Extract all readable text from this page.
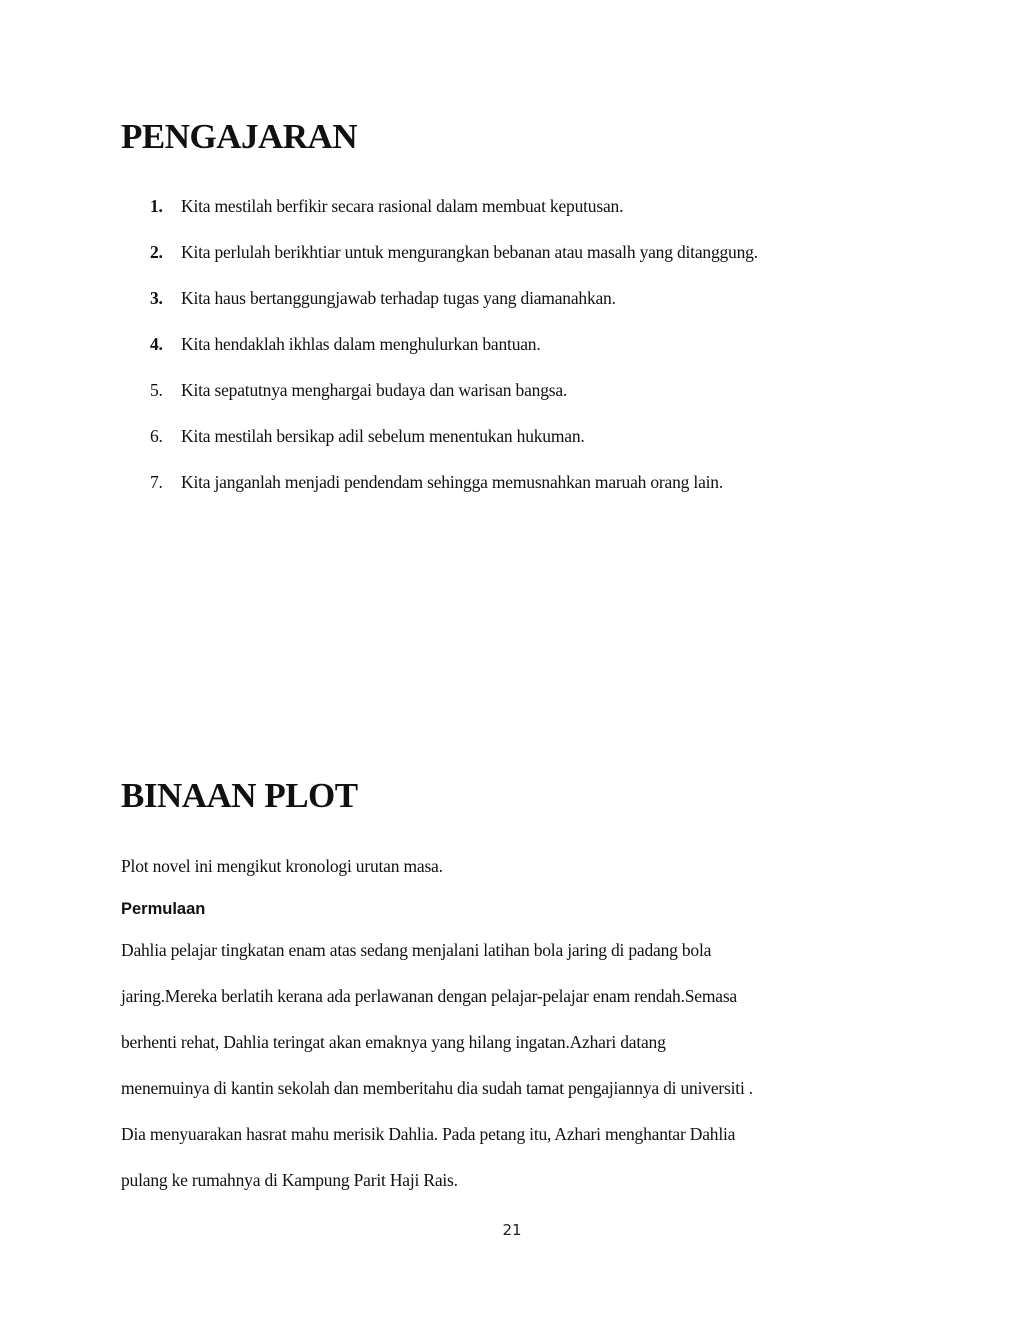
PENGAJARAN
1.	Kita mestilah berfikir secara rasional dalam membuat keputusan.
2.	Kita perlulah berikhtiar untuk mengurangkan bebanan atau masalh yang ditanggung.
3.	Kita haus bertanggungjawab terhadap tugas yang diamanahkan.
4.	Kita hendaklah ikhlas dalam menghulurkan bantuan.
5.	Kita sepatutnya menghargai budaya dan warisan bangsa.
6.	Kita mestilah bersikap adil sebelum menentukan hukuman.
7.	Kita janganlah menjadi pendendam sehingga memusnahkan maruah orang lain.
BINAAN PLOT

Plot novel ini mengikut kronologi urutan masa.

Permulaan
Dahlia pelajar tingkatan enam atas sedang menjalani latihan bola jaring di padang bola
jaring.Mereka berlatih kerana ada perlawanan dengan pelajar-pelajar enam rendah.Semasa
berhenti rehat, Dahlia teringat akan emaknya yang hilang ingatan.Azhari datang
menemuinya di kantin sekolah dan memberitahu dia sudah tamat pengajiannya di universiti .
Dia menyuarakan hasrat mahu merisik Dahlia. Pada petang itu, Azhari menghantar Dahlia
pulang ke rumahnya di Kampung Parit Haji Rais.
21
